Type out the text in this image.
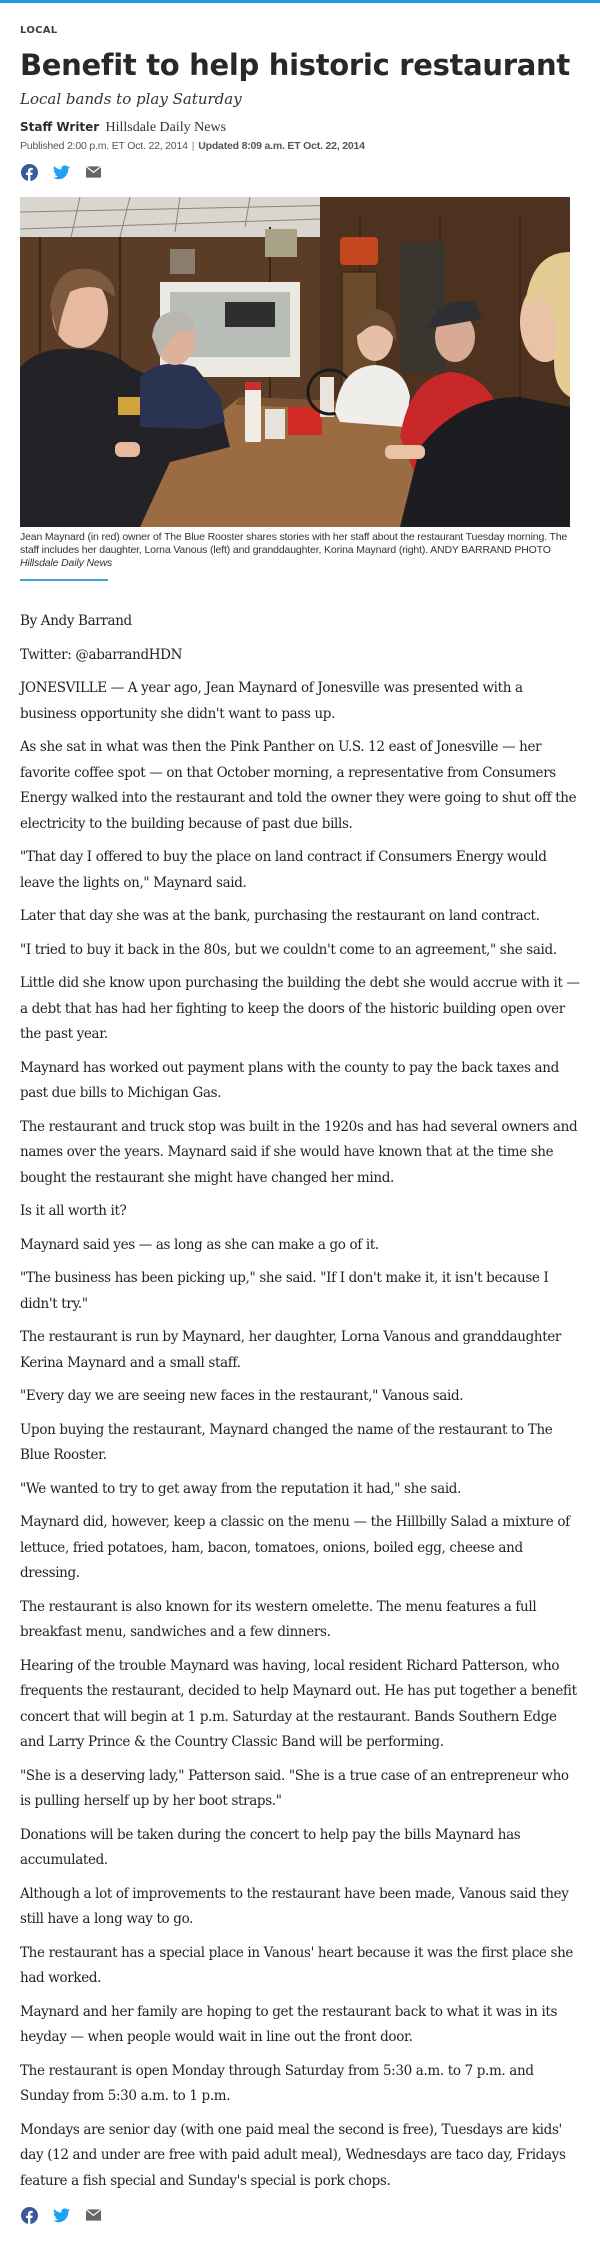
LOCAL
Benefit to help historic restaurant
Local bands to play Saturday
Staff Writer Hillsdale Daily News
Published 2:00 p.m. ET Oct. 22, 2014 | Updated 8:09 a.m. ET Oct. 22, 2014
Jean Maynard (in red) owner of The Blue Rooster shares stories with her staff about the restaurant Tuesday morning. The staff includes her daughter, Lorna Vanous (left) and granddaughter, Korina Maynard (right). ANDY BARRAND PHOTO
Hillsdale Daily News

By Andy Barrand

Twitter: @abarrandHDN

JONESVILLE — A year ago, Jean Maynard of Jonesville was presented with a business opportunity she didn't want to pass up.

As she sat in what was then the Pink Panther on U.S. 12 east of Jonesville — her favorite coffee spot — on that October morning, a representative from Consumers Energy walked into the restaurant and told the owner they were going to shut off the electricity to the building because of past due bills.

"That day I offered to buy the place on land contract if Consumers Energy would leave the lights on," Maynard said.

Later that day she was at the bank, purchasing the restaurant on land contract.

"I tried to buy it back in the 80s, but we couldn't come to an agreement," she said.

Little did she know upon purchasing the building the debt she would accrue with it — a debt that has had her fighting to keep the doors of the historic building open over the past year.

Maynard has worked out payment plans with the county to pay the back taxes and past due bills to Michigan Gas.

The restaurant and truck stop was built in the 1920s and has had several owners and names over the years. Maynard said if she would have known that at the time she bought the restaurant she might have changed her mind.

Is it all worth it?

Maynard said yes — as long as she can make a go of it.

"The business has been picking up," she said. "If I don't make it, it isn't because I didn't try."

The restaurant is run by Maynard, her daughter, Lorna Vanous and granddaughter Kerina Maynard and a small staff.

"Every day we are seeing new faces in the restaurant," Vanous said.

Upon buying the restaurant, Maynard changed the name of the restaurant to The Blue Rooster.

"We wanted to try to get away from the reputation it had," she said.

Maynard did, however, keep a classic on the menu — the Hillbilly Salad a mixture of lettuce, fried potatoes, ham, bacon, tomatoes, onions, boiled egg, cheese and dressing.

The restaurant is also known for its western omelette. The menu features a full breakfast menu, sandwiches and a few dinners.

Hearing of the trouble Maynard was having, local resident Richard Patterson, who frequents the restaurant, decided to help Maynard out. He has put together a benefit concert that will begin at 1 p.m. Saturday at the restaurant. Bands Southern Edge and Larry Prince & the Country Classic Band will be performing.

"She is a deserving lady," Patterson said. "She is a true case of an entrepreneur who is pulling herself up by her boot straps."

Donations will be taken during the concert to help pay the bills Maynard has accumulated.

Although a lot of improvements to the restaurant have been made, Vanous said they still have a long way to go.

The restaurant has a special place in Vanous' heart because it was the first place she had worked.

Maynard and her family are hoping to get the restaurant back to what it was in its heyday — when people would wait in line out the front door.

The restaurant is open Monday through Saturday from 5:30 a.m. to 7 p.m. and Sunday from 5:30 a.m. to 1 p.m.

Mondays are senior day (with one paid meal the second is free), Tuesdays are kids' day (12 and under are free with paid adult meal), Wednesdays are taco day, Fridays feature a fish special and Sunday's special is pork chops.
